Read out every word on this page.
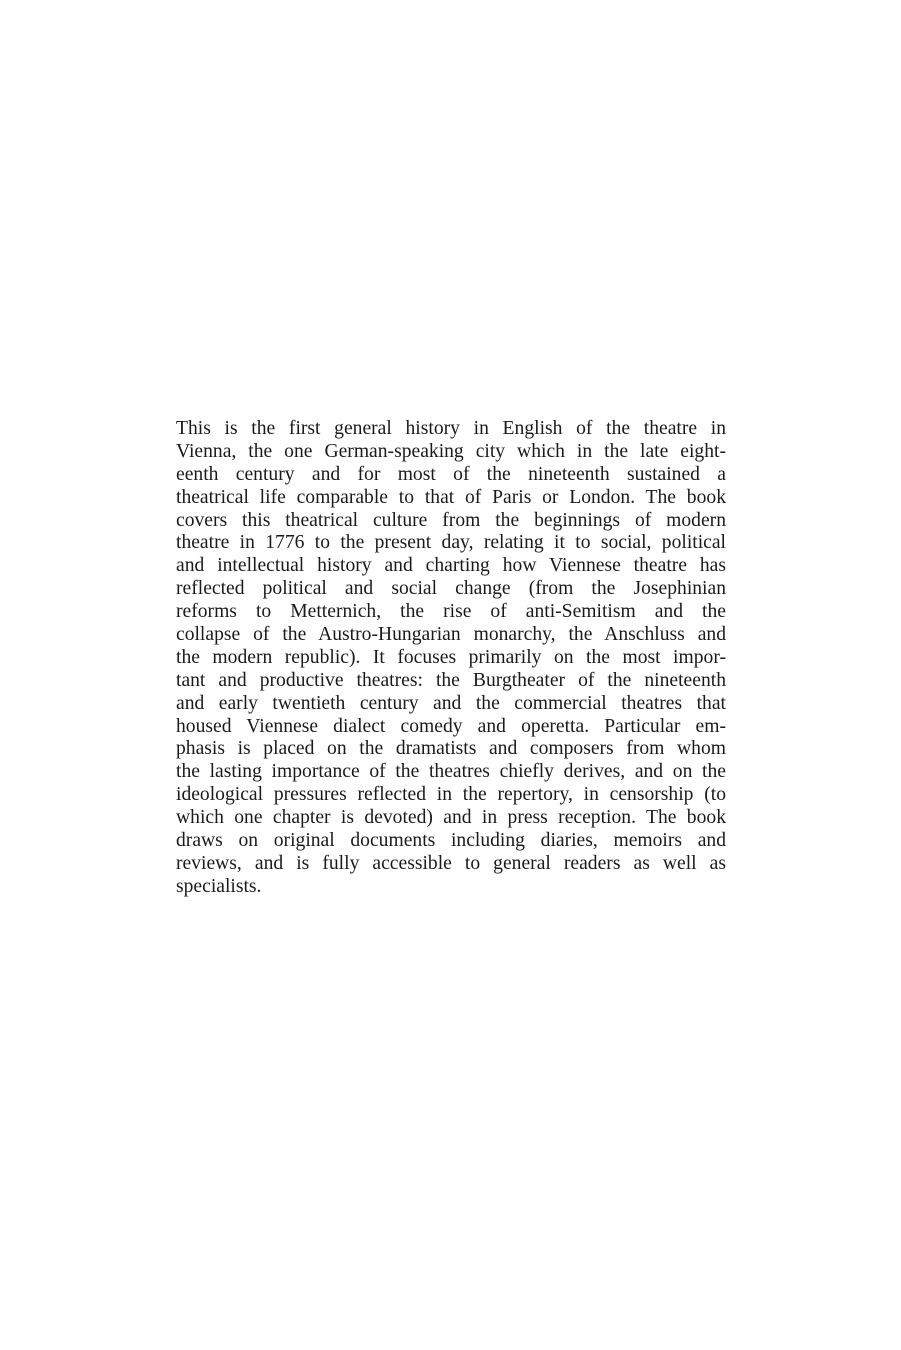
This is the first general history in English of the theatre in
Vienna, the one German-speaking city which in the late eight-
eenth century and for most of the nineteenth sustained a
theatrical life comparable to that of Paris or London. The book
covers this theatrical culture from the beginnings of modern
theatre in 1776 to the present day, relating it to social, political
and intellectual history and charting how Viennese theatre has
reflected political and social change (from the Josephinian
reforms to Metternich, the rise of anti-Semitism and the
collapse of the Austro-Hungarian monarchy, the Anschluss and
the modern republic). It focuses primarily on the most impor-
tant and productive theatres: the Burgtheater of the nineteenth
and early twentieth century and the commercial theatres that
housed Viennese dialect comedy and operetta. Particular em-
phasis is placed on the dramatists and composers from whom
the lasting importance of the theatres chiefly derives, and on the
ideological pressures reflected in the repertory, in censorship (to
which one chapter is devoted) and in press reception. The book
draws on original documents including diaries, memoirs and
reviews, and is fully accessible to general readers as well as
specialists.
